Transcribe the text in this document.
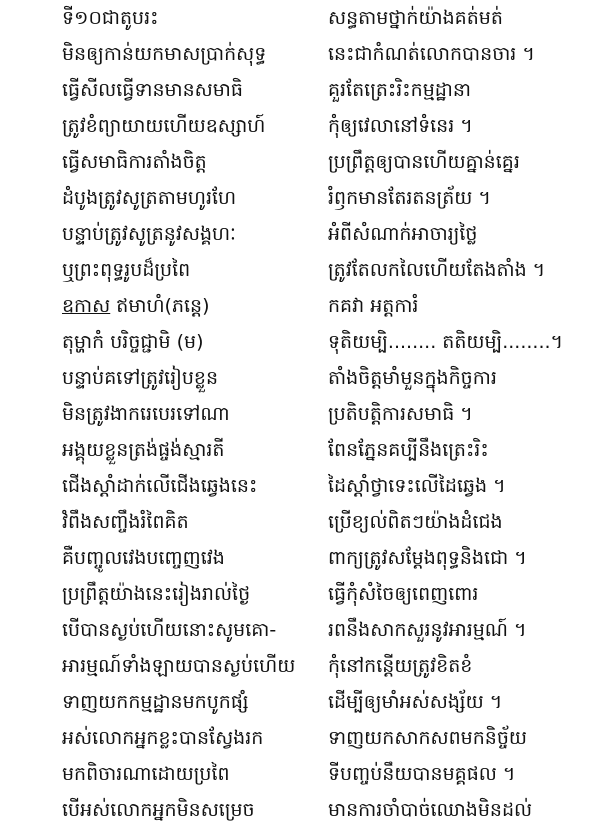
ទី១០ជាតូបរះ	សន្ធតាមថ្នាក់យ៉ាងគត់មត់
មិនឲ្យកាន់យកមាសប្រាក់សុទ្ធ	នេះជាកំណត់លោកបានចារ ។
ធ្វើសីលធ្វើទានមានសមាធិ	គួរតែត្រេះរិះកម្មដ្ឋានា
ត្រូវខំព្យាយាយហើយឧស្សាហ៍	កុំឲ្យវេលានៅទំនេរ ។
ធ្វើសមាធិការតាំងចិត្ត	ប្រព្រឹត្តឲ្យបានហើយគ្នាន់គ្នេរ
ដំបូងត្រូវសូត្រតាមហូរហែ	រំឭកមានតែរតនត្រ័យ ។
បន្ទាប់ត្រូវសូត្រនូវសង្គហៈ	អំពីសំណាក់អាចារ្យថ្លៃ
ឬព្រះពុទ្ធរូបដ៏ប្រពៃ	ត្រូវតែលកលៃហើយតែងតាំង ។
ឧកាស ឥមាហំ(ភន្តេ)	កគវា អត្តការំ
តុម្ហាកំ បរិច្ចជ្ជាមិ (ម)	ទុតិយម្បិ........ តតិយម្បិ........។
បន្ទាប់គទៅត្រូវរៀបខ្លួន	តាំងចិត្តមាំមួនក្នុងកិច្ចការ
មិនត្រូវងាករេបេរទៅណា	ប្រតិបត្តិការសមាធិ ។
អង្គុយខ្លួនត្រង់ផ្ចង់ស្មារតី	ពែនភ្នែនគប្បីនឹងត្រេះរិះ
ជើងស្តាំដាក់លើជើងឆ្វេងនេះ	ដៃស្តាំថ្វាទេះលើដៃឆ្វេង ។
វំពឹងសញ្ចឹងរំពៃគិត	ប្រើខ្យល់ពិតៗយ៉ាងដំជេង
គឺបញ្ចូលវេងបញ្ចេញវេង	ពាក្យត្រូវសម្តែងពុទ្ធនិងជោ ។
ប្រព្រឹត្តយ៉ាងនេះរៀងរាល់ថ្ងៃ	ធ្វើកុំសំចៃឲ្យពេញពោរ
បើបានស្ងប់ហើយនោះសូមគោ-	រពនឹងសាកសួរនូវអារម្មណ៍ ។
អារម្មណ៍ទាំងឡាយបានស្ងប់ហើយ	កុំនៅកន្តើយត្រូវខិតខំ
ទាញយកកម្មដ្ឋានមកបូកផ្សំ	ដើម្បីឲ្យមាំអស់សង្ស័យ ។
អស់លោកអ្នកខ្លះបានស្វែងរក	ទាញយកសាកសពមកនិច្ច័យ
មកពិចារណាដោយប្រពៃ	ទីបញ្ចប់នឹយបានមគ្គផល ។
បើអស់លោកអ្នកមិនសម្រេច	មានការចាំបាច់ឈោងមិនដល់
